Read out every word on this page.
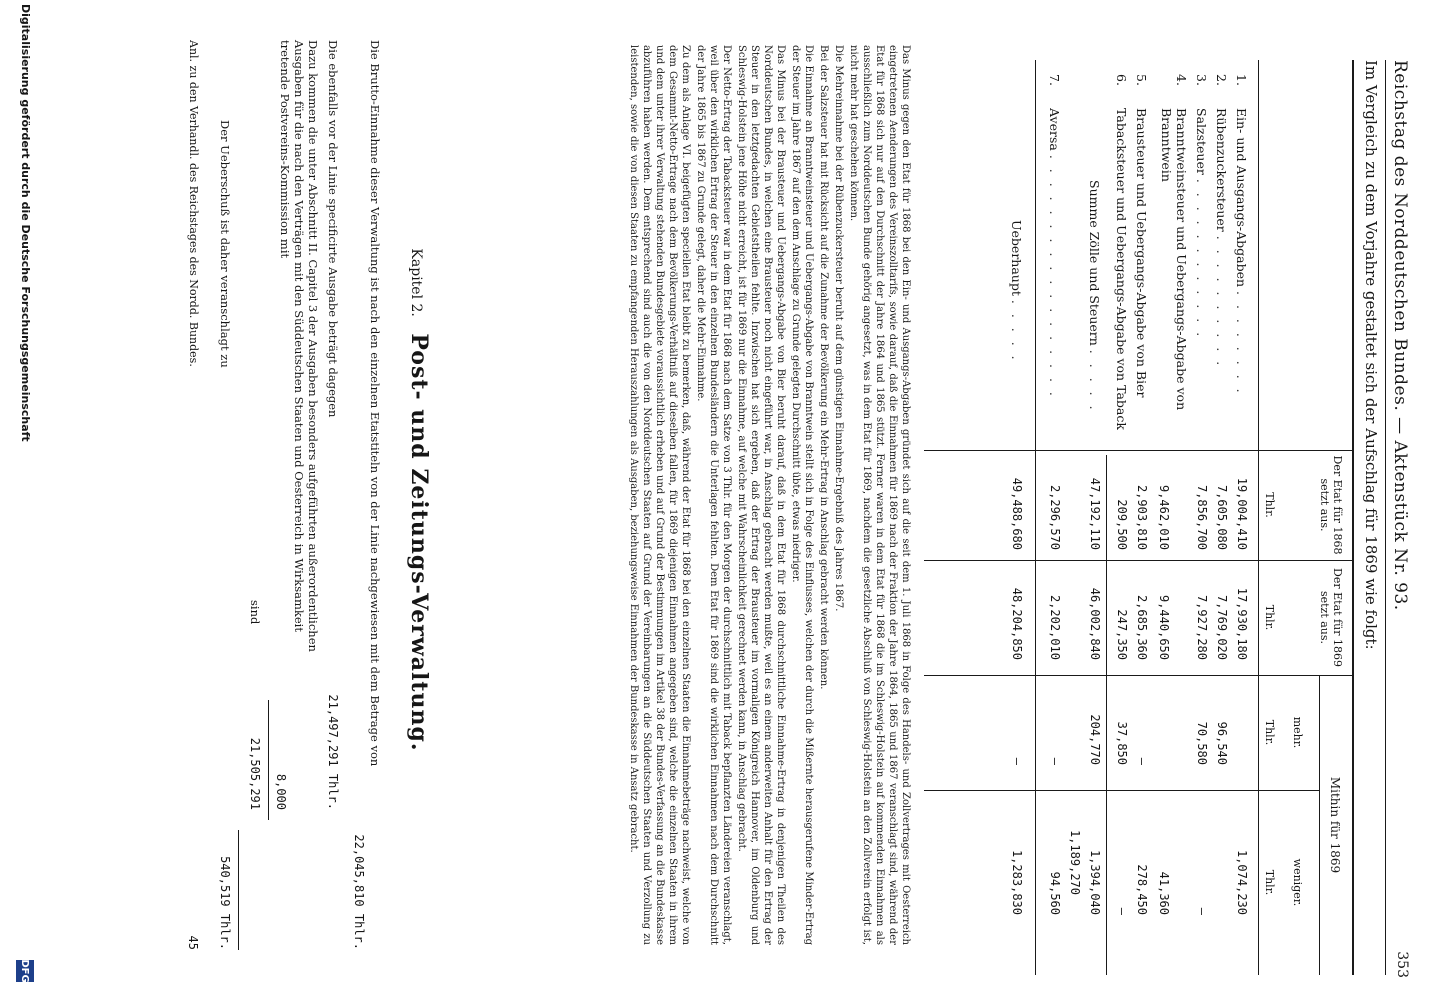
Reichstag des Norddeutschen Bundes. — Aktenstück Nr. 93.
353
Im Vergleich zu dem Vorjahre gestaltet sich der Aufschlag für 1869 wie folgt:
Der Etat für 1868 setzt aus.
Der Etat für 1869 setzt aus.
Mithin für 1869
mehr.
weniger.
Thlr.
Thlr.
Thlr.
Thlr.
1.
Ein- und Ausgangs-Abgaben . . . . . . . .
19,004,410
17,930,180
1,074,230
2.
Rübenzuckersteuer . . . . . . . . . .
7,605,080
7,769,020
96,540
3.
Salzsteuer . . . . . . . . . . . .
7,856,700
7,927,280
70,580
—
4.
Branntweinsteuer und Uebergangs-Abgabe von Branntwein
9,462,010
9,440,650
41,360
5.
Brausteuer und Uebergangs-Abgabe von Bier
2,903,810
2,685,360
—
278,450
6.
Tabacksteuer und Uebergangs-Abgabe von Taback
209,500
247,350
37,850
—
Summe Zölle und Steuern . . . . .
47,192,110
46,002,840
204,770
1,394,040
1,189,270
7.
Aversa . . . . . . . . . . . . . . . . . .
2,296,570
2,202,010
—
94,560
Ueberhaupt . . . . .
49,488,680
48,204,850
—
1,283,830

Das Minus gegen den Etat für 1868 bei den Ein- und Ausgangs-Abgaben gründet sich auf die seit dem 1. Juli 1868 in Folge des Handels- und Zollvertrages mit Oesterreich eingetretenen Aenderungen des Vereinszolltarifs, sowie darauf, daß die Einnahmen für 1869 nach der Fraktion der Jahre 1864, 1865 und 1867 veranschlagt sind, während der Etat für 1868 sich nur auf den Durchschnitt der Jahre 1864 und 1865 stützt. Ferner waren in dem Etat für 1868 die im Schleswig-Holstein auf kommenden Einnahmen als ausschließlich zum Norddeutschen Bunde gehörig angesetzt, was in dem Etat für 1869, nachdem die gesetzliche Abschluß von Schleswig-Holstein an den Zollverein erfolgt ist, nicht mehr hat geschehen können.

Die Mehreinnahme bei der Rübenzuckersteuer beruht auf dem günstigen Einnahme-Ergebniß des Jahres 1867.

Bei der Salzsteuer hat mit Rücksicht auf die Zunahme der Bevölkerung ein Mehr-Ertrag in Anschlag gebracht werden können.

Die Einnahme an Branntweinsteuer und Uebergangs-Abgabe von Branntwein stellt sich in Folge des Einflusses, welchen der durch die Mißernte herausgerufene Minder-Ertrag der Steuer im Jahre 1867 auf den dem Anschlage zu Grunde gelegten Durchschnitt übte, etwas niedriger.

Das Minus bei der Brausteuer und Uebergangs-Abgabe von Bier beruht darauf, daß in dem Etat für 1868 durchschnittliche Einnahme-Ertrag in denjenigen Theilen des Norddeutschen Bundes, in welchen eine Brausteuer noch nicht eingeführt war, in Anschlag gebracht werden mußte, weil es an einem anderweiten Anhalt für den Ertrag der Steuer in den letztgedachten Gebietstheilen fehlte. Inzwischen hat sich ergeben, daß der Ertrag der Brausteuer im vormaligen Königreich Hannover, im Oldenburg und Schleswig-Holstein jene Höhe nicht erreicht, ist für 1869 nur die Einnahme, auf welche mit Wahrscheinlichkeit gerechnet werden kann, in Anschlag gebracht.

Der Netto-Ertrag der Tabacksteuer war in dem Etat für 1868 nach dem Satze von 3 Thlr. für den Morgen der durchschnittlich mit Taback bepflanzten Ländereien veranschlagt, weil über den wirklichen Ertrag der Steuer in den einzelnen Bundesländern die Unterlagen fehlten. Dem Etat für 1869 sind die wirklichen Einnahmen nach dem Durchschnitt der Jahre 1865 bis 1867 zu Grunde gelegt, daher die Mehr-Einnahme.

Zu dem als Anlage VI. beigefügten speciellen Etat bleibt zu bemerken, daß, während der Etat für 1868 bei den einzelnen Staaten die Einnahmebeträge nachweist, welche von dem Gesammt-Netto-Ertrage nach dem Bevölkerungs-Verhältniß auf dieselben fallen, für 1869 diejenigen Einnahmen angegeben sind, welche die einzelnen Staaten in ihrem und dem unter ihrer Verwaltung stehenden Bundesgebiete voraussichtlich erheben und auf Grund der Bestimmungen im Artikel 38 der Bundes-Verfassung an die Bundeskasse abzuführen haben werden. Dem entsprechend sind auch die von den Norddeutschen Staaten auf Grund der Vereinbarungen an die Süddeutschen Staaten und Verzollung zu leistenden, sowie die von diesen Staaten zu empfangenden Herauszahlungen als Ausgaben, beziehungsweise Einnahmen der Bundeskasse in Ansatz gebracht.

Kapitel 2. Post- und Zeitungs-Verwaltung.
Die Brutto-Einnahme dieser Verwaltung ist nach den einzelnen Etatstiteln von der Linie nachgewiesen mit dem Betrage von
22,045,810 Thlr.
Die ebenfalls vor der Linie specificirte Ausgabe beträgt dagegen
21,497,291 Thlr.
Dazu kommen die unter Abschnitt II. Capitel 3 der Ausgaben besonders aufgeführten außerordentlichen Ausgaben für die nach den Verträgen mit den Süddeutschen Staaten und Oesterreich in Wirksamkeit tretende Postvereins-Kommission mit
8,000
sind
21,505,291
Der Ueberschuß ist daher veranschlagt zu
540,519 Thlr.
Anl. zu den Verhandl. des Reichstages des Nordd. Bundes.
45
Digitalisierung gefördert durch die Deutsche Forschungsgemeinschaft
DFG
